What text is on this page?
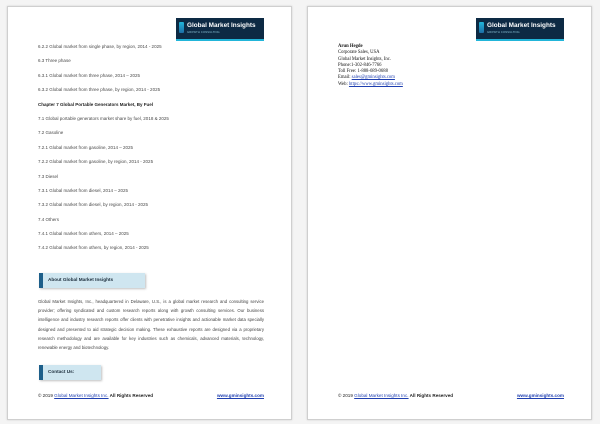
Global Market Insights
GROWTH CONSULTING
6.2.2 Global market from single phase, by region, 2014 - 2025
6.3 Three phase
6.3.1 Global market from three phase, 2014 – 2025
6.3.2 Global market from three phase, by region, 2014 - 2025
Chapter 7 Global Portable Generators Market, By Fuel
7.1 Global portable generators market share by fuel, 2018 & 2025
7.2 Gasoline
7.2.1 Global market from gasoline, 2014 – 2025
7.2.2 Global market from gasoline, by region, 2014 - 2025
7.3 Diesel
7.3.1 Global market from diesel, 2014 – 2025
7.3.2 Global market from diesel, by region, 2014 - 2025
7.4 Others
7.4.1 Global market from others, 2014 – 2025
7.4.2 Global market from others, by region, 2014 - 2025
About Global Market Insights

Global Market Insights, Inc., headquartered in Delaware, U.S., is a global market research and consulting service provider; offering syndicated and custom research reports along with growth consulting services. Our business intelligence and industry research reports offer clients with penetrative insights and actionable market data specially designed and presented to aid strategic decision making. These exhaustive reports are designed via a proprietary research methodology and are available for key industries such as chemicals, advanced materials, technology, renewable energy and biotechnology.

Contact Us:
© 2019 Global Market Insights Inc. All Rights Reserved	www.gminsights.com
Global Market Insights
GROWTH CONSULTING
Arun Hegde
Corporate Sales, USA
Global Market Insights, Inc.
Phone:1-302-846-7766
Toll Free: 1-888-689-0688
Email: sales@gminsights.com
Web: https://www.gminsights.com
© 2019 Global Market Insights Inc. All Rights Reserved	www.gminsights.com
